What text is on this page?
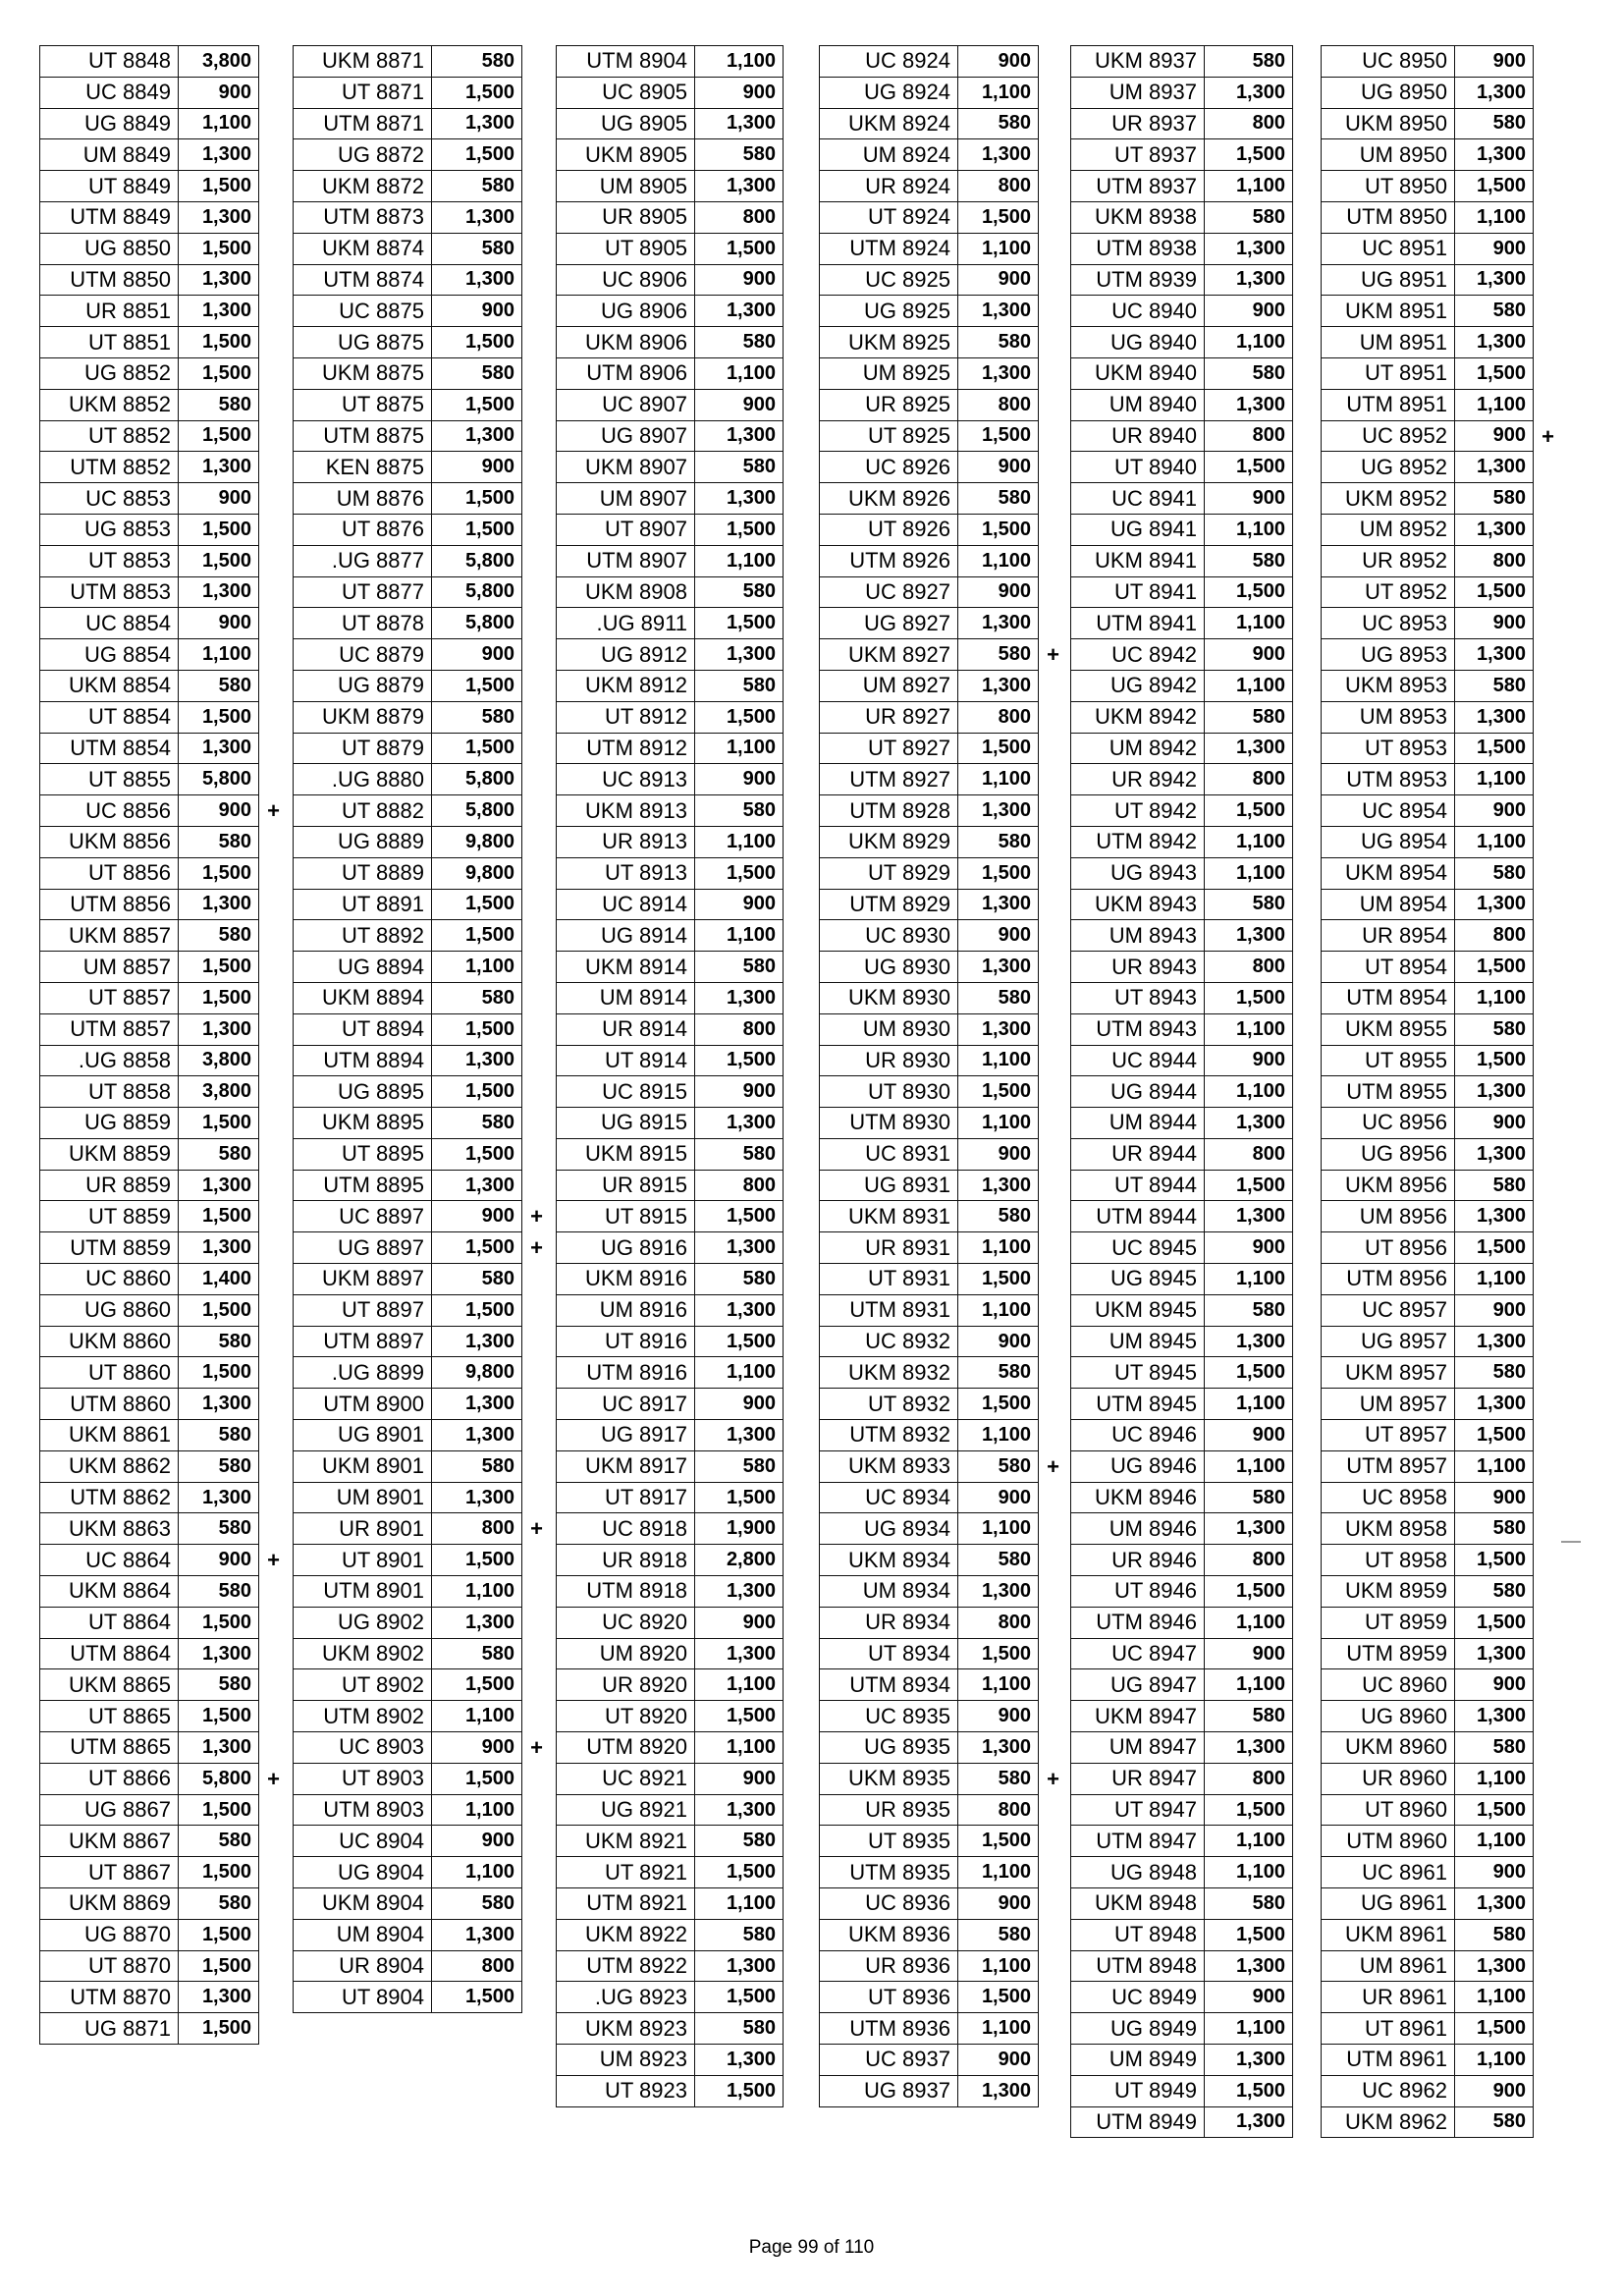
UT 8848	3,800
UC 8849	900
UG 8849	1,100
UM 8849	1,300
UT 8849	1,500
UTM 8849	1,300
UG 8850	1,500
UTM 8850	1,300
UR 8851	1,300
UT 8851	1,500
UG 8852	1,500
UKM 8852	580
UT 8852	1,500
UTM 8852	1,300
UC 8853	900
UG 8853	1,500
UT 8853	1,500
UTM 8853	1,300
UC 8854	900
UG 8854	1,100
UKM 8854	580
UT 8854	1,500
UTM 8854	1,300
UT 8855	5,800
UC 8856	900 +

UKM 8856	580
UT 8856	1,500
UTM 8856	1,300
UKM 8857	580
UM 8857	1,500
UT 8857	1,500
UTM 8857	1,300
.UG 8858	3,800
UT 8858	3,800
UG 8859	1,500
UKM 8859	580
UR 8859	1,300
UT 8859	1,500
UTM 8859	1,300
UC 8860	1,400
UG 8860	1,500
UKM 8860	580
UT 8860	1,500
UTM 8860	1,300
UKM 8861	580
UKM 8862	580
UTM 8862	1,300
UKM 8863	580
UC 8864	900 +

UKM 8864	580
UT 8864	1,500
UTM 8864	1,300
UKM 8865	580
UT 8865	1,500
UTM 8865	1,300
UT 8866	5,800 +

UG 8867	1,500
UKM 8867	580
UT 8867	1,500
UKM 8869	580
UG 8870	1,500
UT 8870	1,500
UTM 8870	1,300
UG 8871	1,500
UKM 8871	580
UT 8871	1,500
UTM 8871	1,300
UG 8872	1,500
UKM 8872	580
UTM 8873	1,300
UKM 8874	580
UTM 8874	1,300
UC 8875	900
UG 8875	1,500
UKM 8875	580
UT 8875	1,500
UTM 8875	1,300
KEN 8875	900
UM 8876	1,500
UT 8876	1,500
.UG 8877	5,800
UT 8877	5,800
UT 8878	5,800
UC 8879	900
UG 8879	1,500
UKM 8879	580
UT 8879	1,500
.UG 8880	5,800
UT 8882	5,800
UG 8889	9,800
UT 8889	9,800
UT 8891	1,500
UT 8892	1,500
UG 8894	1,100
UKM 8894	580
UT 8894	1,500
UTM 8894	1,300
UG 8895	1,500
UKM 8895	580
UT 8895	1,500
UTM 8895	1,300
UC 8897	900 +

UG 8897	1,500 +

UKM 8897	580
UT 8897	1,500
UTM 8897	1,300
.UG 8899	9,800
UTM 8900	1,300
UG 8901	1,300
UKM 8901	580
UM 8901	1,300
UR 8901	800 +

UT 8901	1,500
UTM 8901	1,100
UG 8902	1,300
UKM 8902	580
UT 8902	1,500
UTM 8902	1,100
UC 8903	900 +

UT 8903	1,500
UTM 8903	1,100
UC 8904	900
UG 8904	1,100
UKM 8904	580
UM 8904	1,300
UR 8904	800
UT 8904	1,500
UTM 8904	1,100
UC 8905	900
UG 8905	1,300
UKM 8905	580
UM 8905	1,300
UR 8905	800
UT 8905	1,500
UC 8906	900
UG 8906	1,300
UKM 8906	580
UTM 8906	1,100
UC 8907	900
UG 8907	1,300
UKM 8907	580
UM 8907	1,300
UT 8907	1,500
UTM 8907	1,100
UKM 8908	580
.UG 8911	1,500
UG 8912	1,300
UKM 8912	580
UT 8912	1,500
UTM 8912	1,100
UC 8913	900
UKM 8913	580
UR 8913	1,100
UT 8913	1,500
UC 8914	900
UG 8914	1,100
UKM 8914	580
UM 8914	1,300
UR 8914	800
UT 8914	1,500
UC 8915	900
UG 8915	1,300
UKM 8915	580
UR 8915	800
UT 8915	1,500
UG 8916	1,300
UKM 8916	580
UM 8916	1,300
UT 8916	1,500
UTM 8916	1,100
UC 8917	900
UG 8917	1,300
UKM 8917	580
UT 8917	1,500
UC 8918	1,900
UR 8918	2,800
UTM 8918	1,300
UC 8920	900
UM 8920	1,300
UR 8920	1,100
UT 8920	1,500
UTM 8920	1,100
UC 8921	900
UG 8921	1,300
UKM 8921	580
UT 8921	1,500
UTM 8921	1,100
UKM 8922	580
UTM 8922	1,300
.UG 8923	1,500
UKM 8923	580
UM 8923	1,300
UT 8923	1,500
UC 8924	900
UG 8924	1,100
UKM 8924	580
UM 8924	1,300
UR 8924	800
UT 8924	1,500
UTM 8924	1,100
UC 8925	900
UG 8925	1,300
UKM 8925	580
UM 8925	1,300
UR 8925	800
UT 8925	1,500
UC 8926	900
UKM 8926	580
UT 8926	1,500
UTM 8926	1,100
UC 8927	900
UG 8927	1,300
UKM 8927	580 +

UM 8927	1,300
UR 8927	800
UT 8927	1,500
UTM 8927	1,100
UTM 8928	1,300
UKM 8929	580
UT 8929	1,500
UTM 8929	1,300
UC 8930	900
UG 8930	1,300
UKM 8930	580
UM 8930	1,300
UR 8930	1,100
UT 8930	1,500
UTM 8930	1,100
UC 8931	900
UG 8931	1,300
UKM 8931	580
UR 8931	1,100
UT 8931	1,500
UTM 8931	1,100
UC 8932	900
UKM 8932	580
UT 8932	1,500
UTM 8932	1,100
UKM 8933	580 +

UC 8934	900
UG 8934	1,100
UKM 8934	580
UM 8934	1,300
UR 8934	800
UT 8934	1,500
UTM 8934	1,100
UC 8935	900
UG 8935	1,300
UKM 8935	580 +

UR 8935	800
UT 8935	1,500
UTM 8935	1,100
UC 8936	900
UKM 8936	580
UR 8936	1,100
UT 8936	1,500
UTM 8936	1,100
UC 8937	900
UG 8937	1,300
UKM 8937	580
UM 8937	1,300
UR 8937	800
UT 8937	1,500
UTM 8937	1,100
UKM 8938	580
UTM 8938	1,300
UTM 8939	1,300
UC 8940	900
UG 8940	1,100
UKM 8940	580
UM 8940	1,300
UR 8940	800
UT 8940	1,500
UC 8941	900
UG 8941	1,100
UKM 8941	580
UT 8941	1,500
UTM 8941	1,100
UC 8942	900
UG 8942	1,100
UKM 8942	580
UM 8942	1,300
UR 8942	800
UT 8942	1,500
UTM 8942	1,100
UG 8943	1,100
UKM 8943	580
UM 8943	1,300
UR 8943	800
UT 8943	1,500
UTM 8943	1,100
UC 8944	900
UG 8944	1,100
UM 8944	1,300
UR 8944	800
UT 8944	1,500
UTM 8944	1,300
UC 8945	900
UG 8945	1,100
UKM 8945	580
UM 8945	1,300
UT 8945	1,500
UTM 8945	1,100
UC 8946	900
UG 8946	1,100
UKM 8946	580
UM 8946	1,300
UR 8946	800
UT 8946	1,500
UTM 8946	1,100
UC 8947	900
UG 8947	1,100
UKM 8947	580
UM 8947	1,300
UR 8947	800
UT 8947	1,500
UTM 8947	1,100
UG 8948	1,100
UKM 8948	580
UT 8948	1,500
UTM 8948	1,300
UC 8949	900
UG 8949	1,100
UM 8949	1,300
UT 8949	1,500
UTM 8949	1,300
UC 8950	900
UG 8950	1,300
UKM 8950	580
UM 8950	1,300
UT 8950	1,500
UTM 8950	1,100
UC 8951	900
UG 8951	1,300
UKM 8951	580
UM 8951	1,300
UT 8951	1,500
UTM 8951	1,100
UC 8952	900 +

UG 8952	1,300
UKM 8952	580
UM 8952	1,300
UR 8952	800
UT 8952	1,500
UC 8953	900
UG 8953	1,300
UKM 8953	580
UM 8953	1,300
UT 8953	1,500
UTM 8953	1,100
UC 8954	900
UG 8954	1,100
UKM 8954	580
UM 8954	1,300
UR 8954	800
UT 8954	1,500
UTM 8954	1,100
UKM 8955	580
UT 8955	1,500
UTM 8955	1,300
UC 8956	900
UG 8956	1,300
UKM 8956	580
UM 8956	1,300
UT 8956	1,500
UTM 8956	1,100
UC 8957	900
UG 8957	1,300
UKM 8957	580
UM 8957	1,300
UT 8957	1,500
UTM 8957	1,100
UC 8958	900
UKM 8958	580
UT 8958	1,500
UKM 8959	580
UT 8959	1,500
UTM 8959	1,300
UC 8960	900
UG 8960	1,300
UKM 8960	580
UR 8960	1,100
UT 8960	1,500
UTM 8960	1,100
UC 8961	900
UG 8961	1,300
UKM 8961	580
UM 8961	1,300
UR 8961	1,100
UT 8961	1,500
UTM 8961	1,100
UC 8962	900
UKM 8962	580
Page 99 of 110
